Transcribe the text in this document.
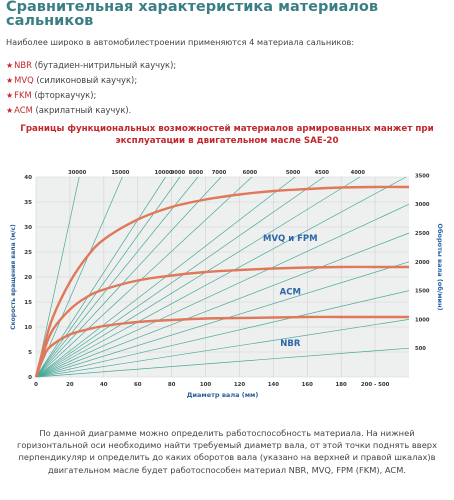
Сравнительная характеристика материалов сальников
Наиболее широко в автомобилестроении применяются 4 материала сальников:
★NBR (бутадиен-нитрильный каучук);
★MVQ (силиконовый каучук);
★FKM (фторкаучук);
★ACM (акрилатный каучук).
Границы функциональных возможностей материалов армированных манжет при эксплуатации в двигательном масле SAE-20
30000	15000	10000
9000 8000 7000	6000	5000	4500	4000
3500
3000
2500
2000
1500
1000
500
MVQ и FPM
ACM
NBR
0	20	40	60	80	100	120	140	160	180	200 - 500
0
5
10
15
20
25
30
35
40
Диаметр вала (мм)
Скорость вращения вала (м/с)	Обороты вала (об/мин)
По данной диаграмме можно определить работоспособность материала. На нижней горизонтальной оси необходимо найти требуемый диаметр вала, от этой точки поднять вверх перпендикуляр и определить до каких оборотов вала (указано на верхней и правой шкалах)в двигательном масле будет работоспособен материал NBR, MVQ, FPM (FKM), ACM.
